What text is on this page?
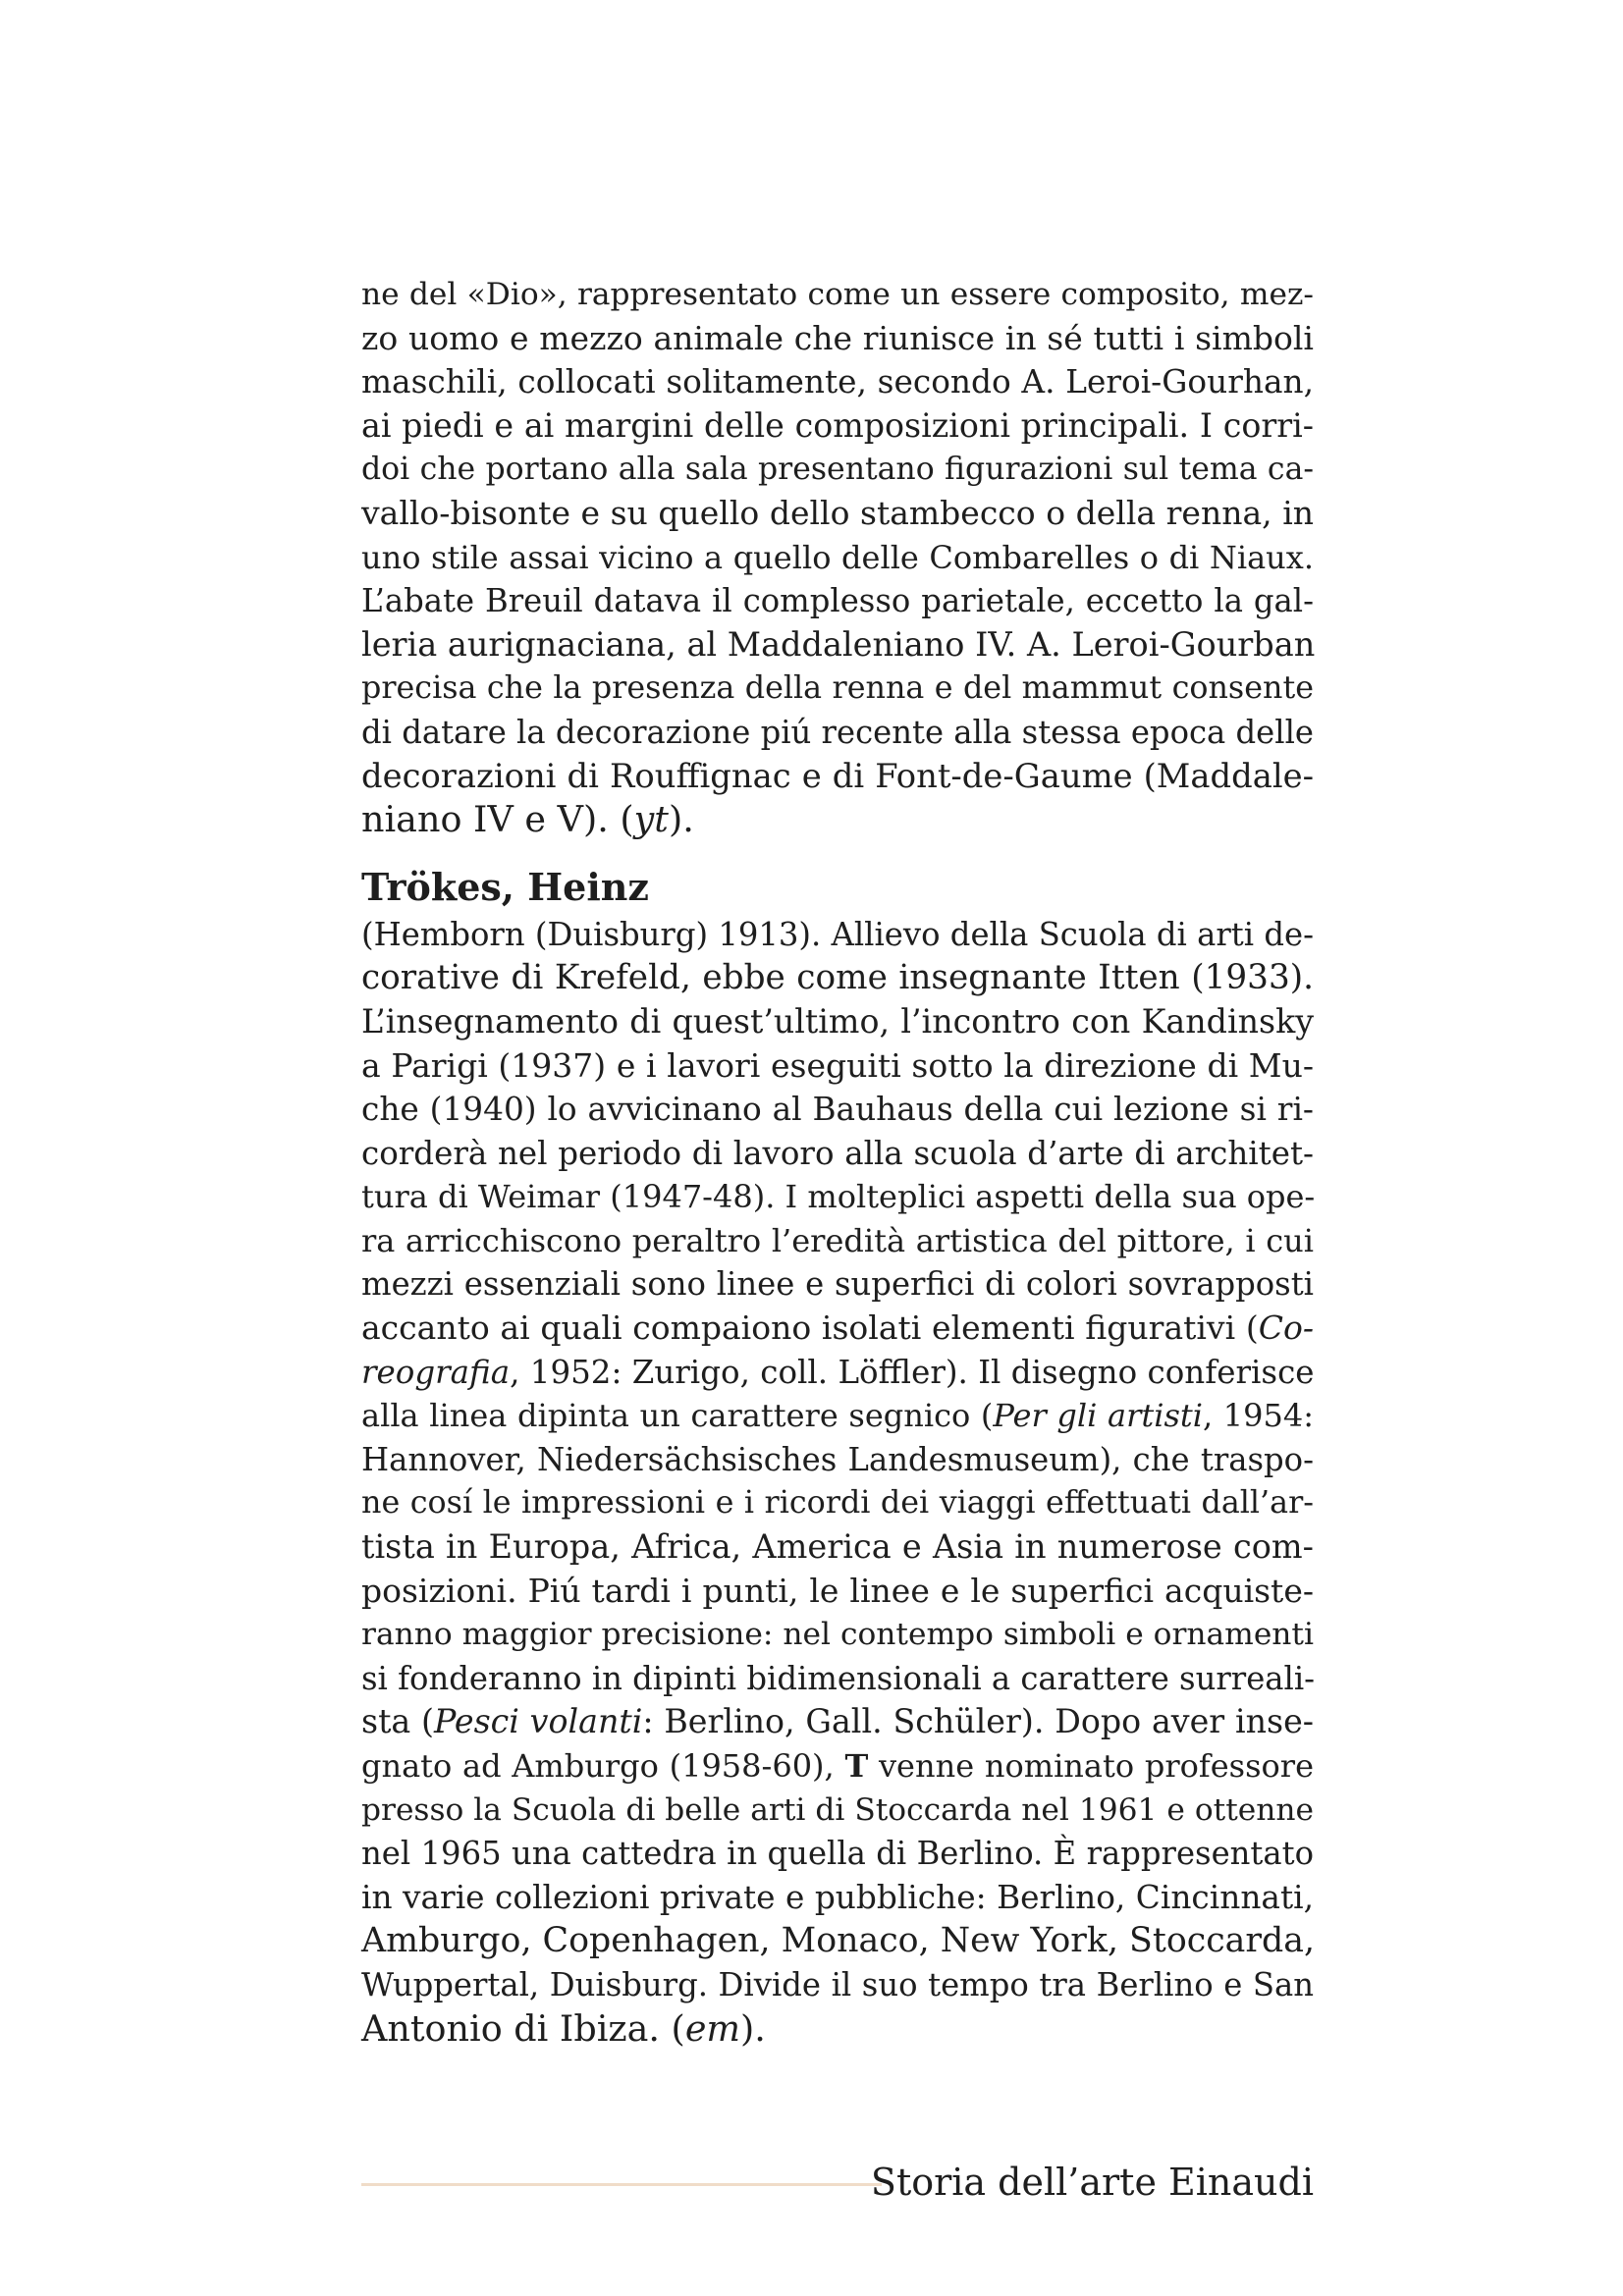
ne del «Dio», rappresentato come un essere composito, mez-
zo uomo e mezzo animale che riunisce in sé tutti i simboli
maschili, collocati solitamente, secondo A. Leroi-Gourhan,
ai piedi e ai margini delle composizioni principali. I corri-
doi che portano alla sala presentano figurazioni sul tema ca-
vallo-bisonte e su quello dello stambecco o della renna, in
uno stile assai vicino a quello delle Combarelles o di Niaux.
L’abate Breuil datava il complesso parietale, eccetto la gal-
leria aurignaciana, al Maddaleniano IV. A. Leroi-Gourban
precisa che la presenza della renna e del mammut consente
di datare la decorazione piú recente alla stessa epoca delle
decorazioni di Rouffignac e di Font-de-Gaume (Maddale-
niano IV e V). (yt).
Trökes, Heinz
(Hemborn (Duisburg) 1913). Allievo della Scuola di arti de-
corative di Krefeld, ebbe come insegnante Itten (1933).
L’insegnamento di quest’ultimo, l’incontro con Kandinsky
a Parigi (1937) e i lavori eseguiti sotto la direzione di Mu-
che (1940) lo avvicinano al Bauhaus della cui lezione si ri-
corderà nel periodo di lavoro alla scuola d’arte di architet-
tura di Weimar (1947-48). I molteplici aspetti della sua ope-
ra arricchiscono peraltro l’eredità artistica del pittore, i cui
mezzi essenziali sono linee e superfici di colori sovrapposti
accanto ai quali compaiono isolati elementi figurativi (Co-
reografia, 1952: Zurigo, coll. Löffler). Il disegno conferisce
alla linea dipinta un carattere segnico (Per gli artisti, 1954:
Hannover, Niedersächsisches Landesmuseum), che traspo-
ne cosí le impressioni e i ricordi dei viaggi effettuati dall’ar-
tista in Europa, Africa, America e Asia in numerose com-
posizioni. Piú tardi i punti, le linee e le superfici acquiste-
ranno maggior precisione: nel contempo simboli e ornamenti
si fonderanno in dipinti bidimensionali a carattere surreali-
sta (Pesci volanti: Berlino, Gall. Schüler). Dopo aver inse-
gnato ad Amburgo (1958-60), T venne nominato professore
presso la Scuola di belle arti di Stoccarda nel 1961 e ottenne
nel 1965 una cattedra in quella di Berlino. È rappresentato
in varie collezioni private e pubbliche: Berlino, Cincinnati,
Amburgo, Copenhagen, Monaco, New York, Stoccarda,
Wuppertal, Duisburg. Divide il suo tempo tra Berlino e San
Antonio di Ibiza. (em).
Storia dell’arte Einaudi
